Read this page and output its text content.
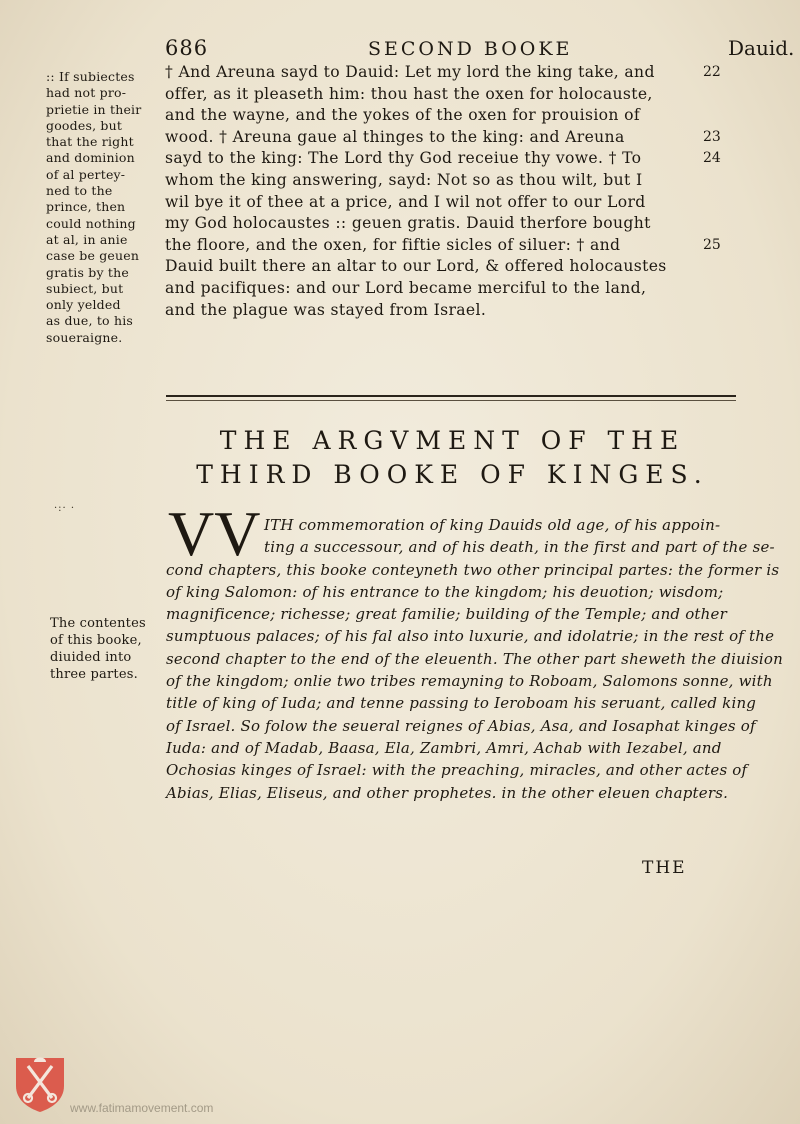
686	SECOND BOOKE	Dauid.
:: If subiectes
had not pro-
prietie in their
goodes, but
that the right
and dominion
of al pertey-
ned to the
prince, then
could nothing
at al, in anie
case be geuen
gratis by the
subiect, but
only yelded
as due, to his
soueraigne.
† And Areuna sayd to Dauid: Let my lord the king take, and
offer, as it pleaseth him: thou hast the oxen for holocauste,
and the wayne, and the yokes of the oxen for prouision of
wood. † Areuna gaue al thinges to the king: and Areuna
sayd to the king: The Lord thy God receiue thy vowe. † To
whom the king answering, sayd: Not so as thou wilt, but I
wil bye it of thee at a price, and I wil not offer to our Lord
my God holocaustes :: geuen gratis. Dauid therfore bought
the floore, and the oxen, for fiftie sicles of siluer: † and
Dauid built there an altar to our Lord, & offered holocaustes
and pacifiques: and our Lord became merciful to the land,
and the plague was stayed from Israel.
22
23
24
25
THE ARGVMENT OF THE
THIRD BOOKE OF KINGES.
·:· · VV ITH commemoration of king Dauids old age, of his appoin-
ting a successour, and of his death, in the first and part of the se-
cond chapters, this booke conteyneth two other principal partes: the former is
of king Salomon: of his entrance to the kingdom; his deuotion; wisdom;
magnificence; richesse; great familie; building of the Temple; and other
sumptuous palaces; of his fal also into luxurie, and idolatrie; in the rest of the
second chapter to the end of the eleuenth. The other part sheweth the diuision
of the kingdom; onlie two tribes remayning to Roboam, Salomons sonne, with
title of king of Iuda; and tenne passing to Ieroboam his seruant, called king
of Israel. So folow the seueral reignes of Abias, Asa, and Iosaphat kinges of
Iuda: and of Madab, Baasa, Ela, Zambri, Amri, Achab with Iezabel, and
Ochosias kinges of Israel: with the preaching, miracles, and other actes of
Abias, Elias, Eliseus, and other prophetes. in the other eleuen chapters.
The contentes
of this booke,
diuided into
three partes.
THE
www.fatimamovement.com
